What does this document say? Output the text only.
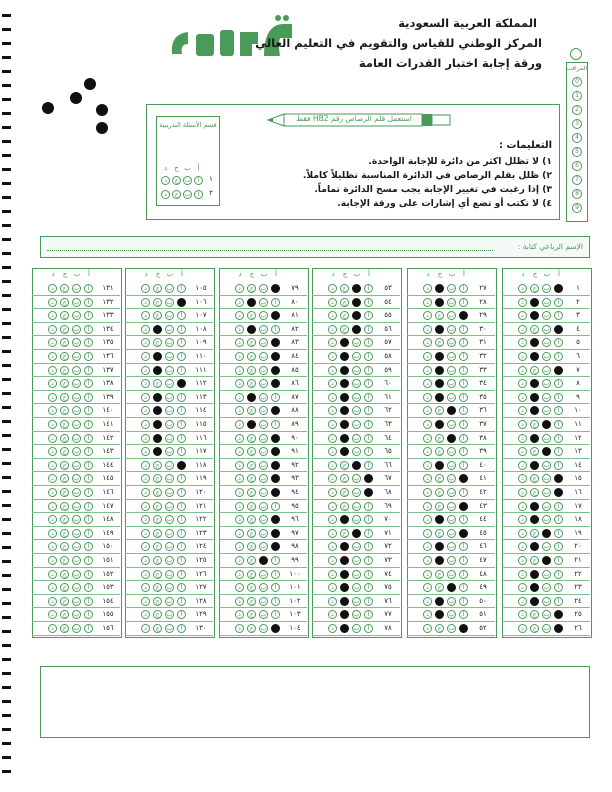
قياس
المملكة العربية السعودية
المركز الوطني للقياس والتقويم في التعليم العالي
ورقة إجابة اختبار القدرات العامة	المراقب
0
1
2
3
4
5
6
7
8
9
قسم الأسئلة التدريبية
١
أ
ب
ج
د
٢
أ
ب
ج
د
أ
ب
ج
د
استعمل قلم الرصاص رقم HB2 فقط
التعليمات :
١) لا تظلل اكثر من دائرة للإجابة الواحدة.
٢) ظلل بقلم الرصاص في الدائرة المناسبة تظليلاً كاملاً.
٣) إذا رغبت في تغيير الإجابة يجب مسح الدائرة تماماً.
٤) لا تكتب أو تضع أي إشارات على ورقة الإجابة.
الإسم الرباعي كتابة :
أ
ب
ج
د
١
ب
ج
د
٢
أ
ب
د
٣
أ
ب
د
٤
ب
ج
د
٥
أ
ب
د
٦
أ
ب
د
٧
ب
ج
د
٨
أ
ب
د
٩
أ
ب
د
١٠
أ
ب
د
١١
أ
ج
د
١٢
أ
ب
د
١٣
أ
ج
د
١٤
أ
ب
د
١٥
ب
ج
د
١٦
ب
ج
د
١٧
أ
ب
د
١٨
أ
ب
د
١٩
أ
ج
د
٢٠
أ
ب
د
٢١
أ
ج
د
٢٢
أ
ب
د
٢٣
أ
ب
د
٢٤
أ
ب
د
٢٥
ب
ج
د
٢٦
ب
ج
د
أ
ب
ج
د
٢٧
أ
ب
د
٢٨
أ
ب
د
٢٩
ب
ج
د
٣٠
أ
ب
د
٣١
أ
ب
ج
د
٣٢
أ
ب
د
٣٣
أ
ب
د
٣٤
أ
ب
د
٣٥
أ
ب
د
٣٦
أ
ج
د
٣٧
أ
ب
د
٣٨
أ
ج
د
٣٩
أ
ب
ج
د
٤٠
أ
ب
د
٤١
ب
ج
د
٤٢
أ
ب
ج
د
٤٣
ب
ج
د
٤٤
أ
ب
د
٤٥
ب
ج
د
٤٦
أ
ب
د
٤٧
أ
ب
د
٤٨
أ
ب
ج
د
٤٩
أ
ج
د
٥٠
أ
ب
د
٥١
أ
ب
د
٥٢
ب
ج
د
أ
ب
ج
د
٥٣
أ
ج
د
٥٤
أ
ج
د
٥٥
أ
ج
د
٥٦
أ
ج
د
٥٧
أ
ب
د
٥٨
أ
ب
د
٥٩
أ
ب
د
٦٠
أ
ب
د
٦١
أ
ب
د
٦٢
أ
ب
د
٦٣
أ
ب
د
٦٤
أ
ب
د
٦٥
أ
ب
د
٦٦
أ
ج
د
٦٧
ب
ج
د
٦٨
ب
ج
د
٦٩
أ
ب
ج
د
٧٠
أ
ب
د
٧١
أ
ج
د
٧٢
أ
ب
د
٧٣
أ
ب
د
٧٤
أ
ب
د
٧٥
أ
ب
د
٧٦
أ
ب
د
٧٧
أ
ب
د
٧٨
أ
ب
د
أ
ب
ج
د
٧٩
ب
ج
د
٨٠
أ
ب
د
٨١
ب
ج
د
٨٢
أ
ب
د
٨٣
ب
ج
د
٨٤
ب
ج
د
٨٥
ب
ج
د
٨٦
ب
ج
د
٨٧
أ
ب
د
٨٨
ب
ج
د
٨٩
أ
ب
د
٩٠
ب
ج
د
٩١
ب
ج
د
٩٢
ب
ج
د
٩٣
ب
ج
د
٩٤
ب
ج
د
٩٥
أ
ب
ج
د
٩٦
ب
ج
د
٩٧
ب
ج
د
٩٨
ب
ج
د
٩٩
أ
ج
د
١٠٠
أ
ب
ج
د
١٠١
أ
ب
ج
د
١٠٢
أ
ب
ج
د
١٠٣
أ
ب
ج
د
١٠٤
ب
ج
د
أ
ب
ج
د
١٠٥
أ
ب
ج
د
١٠٦
ب
ج
د
١٠٧
أ
ب
ج
د
١٠٨
أ
ب
د
١٠٩
أ
ب
ج
د
١١٠
أ
ب
د
١١١
أ
ب
د
١١٢
ب
ج
د
١١٣
أ
ب
د
١١٤
أ
ب
د
١١٥
أ
ب
د
١١٦
أ
ب
د
١١٧
أ
ب
د
١١٨
ب
ج
د
١١٩
أ
ب
ج
د
١٢٠
أ
ب
ج
د
١٢١
أ
ب
ج
د
١٢٢
أ
ب
ج
د
١٢٣
أ
ب
ج
د
١٢٤
أ
ب
ج
د
١٢٥
أ
ب
ج
د
١٢٦
أ
ب
ج
د
١٢٧
أ
ب
ج
د
١٢٨
أ
ب
ج
د
١٢٩
أ
ب
ج
د
١٣٠
أ
ب
ج
د
أ
ب
ج
د
١٣١
أ
ب
ج
د
١٣٢
أ
ب
ج
د
١٣٣
أ
ب
ج
د
١٣٤
أ
ب
ج
د
١٣٥
أ
ب
ج
د
١٣٦
أ
ب
ج
د
١٣٧
أ
ب
ج
د
١٣٨
أ
ب
ج
د
١٣٩
أ
ب
ج
د
١٤٠
أ
ب
ج
د
١٤١
أ
ب
ج
د
١٤٢
أ
ب
ج
د
١٤٣
أ
ب
ج
د
١٤٤
أ
ب
ج
د
١٤٥
أ
ب
ج
د
١٤٦
أ
ب
ج
د
١٤٧
أ
ب
ج
د
١٤٨
أ
ب
ج
د
١٤٩
أ
ب
ج
د
١٥٠
أ
ب
ج
د
١٥١
أ
ب
ج
د
١٥٢
أ
ب
ج
د
١٥٣
أ
ب
ج
د
١٥٤
أ
ب
ج
د
١٥٥
أ
ب
ج
د
١٥٦
أ
ب
ج
د
